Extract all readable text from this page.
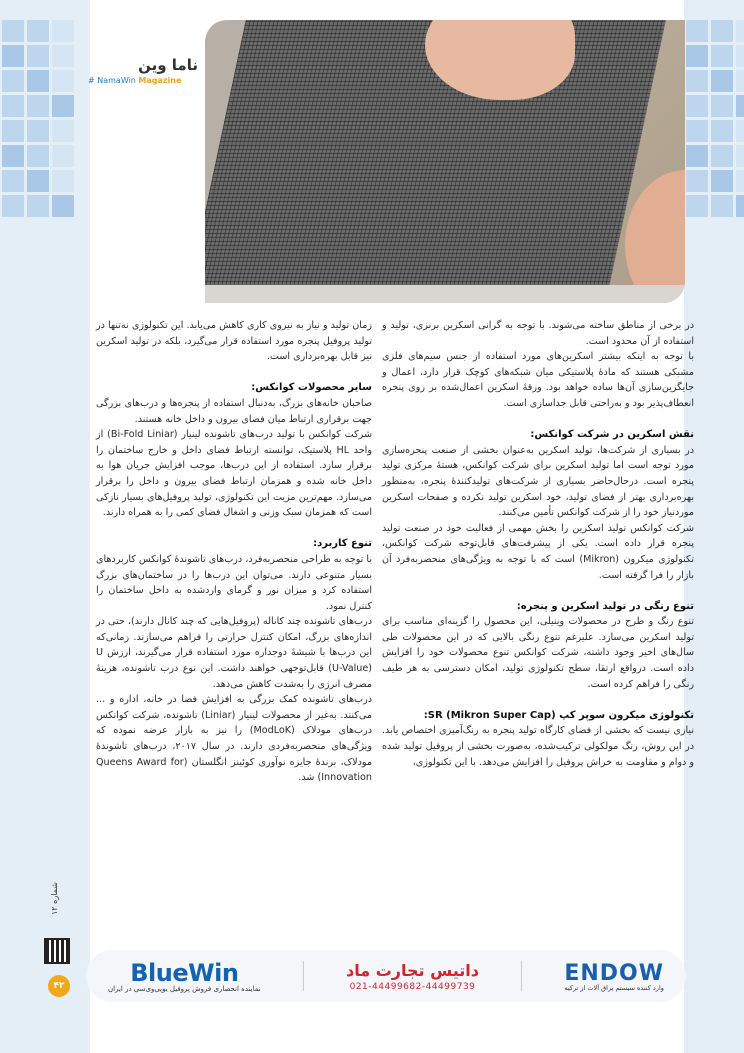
ناما وین
# NamaWin Magazine

در برخی از مناطق ساخته می‌شوند. با توجه به گرانی اسکرین برنزی، تولید و استفاده از آن محدود است.

با توجه به اینکه بیشتر اسکرین‌های مورد استفاده از جنس سیم‌های فلزی مشبکی هستند که مادهٔ پلاستیکی میان شبکه‌های کوچک قرار دارد، اعمال و جایگزین‌سازی آن‌ها ساده خواهد بود. ورقهٔ اسکرین اعمال‌شده بر روی پنجره انعطاف‌پذیر بود و به‌راحتی قابل جداسازی است.

نقش اسکرین در شرکت کوانکس:

در بسیاری از شرکت‌ها، تولید اسکرین به‌عنوان بخشی از صنعت پنجره‌سازی مورد توجه است اما تولید اسکرین برای شرکت کوانکس، هستهٔ مرکزی تولید پنجره است. درحال‌حاضر بسیاری از شرکت‌های تولیدکنندهٔ پنجره، به‌منظور بهره‌برداری بهتر از فضای تولید، خود اسکرین تولید نکرده و صفحات اسکرین موردنیاز خود را از شرکت کوانکس تأمین می‌کنند.

شرکت کوانکس تولید اسکرین را بخش مهمی از فعالیت خود در صنعت تولید پنجره قرار داده است. یکی از پیشرفت‌های قابل‌توجه شرکت کوانکس، تکنولوژی میکرون (Mikron) است که با توجه به ویژگی‌های منحصربه‌فرد آن بازار را فرا گرفته است.

تنوع رنگی در تولید اسکرین و پنجره:

تنوع رنگ و طرح در محصولات وینیلی، این محصول را گزینه‌ای مناسب برای تولید اسکرین می‌سازد. علیرغم تنوع رنگی بالایی که در این محصولات طی سال‌های اخیر وجود داشته، شرکت کوانکس تنوع محصولات خود را افزایش داده است. درواقع ارتقا، سطح تکنولوژی تولید، امکان دسترسی به هر طیف رنگی را فراهم کرده است.

تکنولوژی میکرون سوپر کپ (SR (Mikron Super Cap:

نیازی نیست که بخشی از فضای کارگاه تولید پنجره به رنگ‌آمیزی اختصاص یابد. در این روش، رنگ مولکولی ترکیب‌شده، به‌صورت بخشی از پروفیل تولید شده و دوام و مقاومت به خراش پروفیل را افزایش می‌دهد. با این تکنولوژی،

زمان تولید و نیاز به نیروی کاری کاهش می‌یابد. این تکنولوژی نه‌تنها در تولید پروفیل پنجره مورد استفاده قرار می‌گیرد، بلکه در تولید اسکرین نیز قابل بهره‌برداری است.

سایر محصولات کوانکس:

صاحبان خانه‌های بزرگ، به‌دنبال استفاده از پنجره‌ها و درب‌های بزرگی جهت برقراری ارتباط میان فضای بیرون و داخل خانه هستند.

شرکت کوانکس با تولید درب‌های تاشونده لینیار (Bi-Fold Liniar) از واحد HL پلاستیک، توانسته ارتباط فضای داخل و خارج ساختمان را برقرار سازد. استفاده از این درب‌ها، موجب افزایش جریان هوا به داخل خانه شده و همزمان ارتباط فضای بیرون و داخل را برقرار می‌سازد. مهم‌ترین مزیت این تکنولوژی، تولید پروفیل‌های بسیار نازکی است که همزمان سبک وزنی و اشغال فضای کمی را به همراه دارند.

تنوع کاربرد:

با توجه به طراحی منحصربه‌فرد، درب‌های تاشوندهٔ کوانکس کاربردهای بسیار متنوعی دارند. می‌توان این درب‌ها را در ساختمان‌های بزرگ استفاده کرد و میزان نور و گرمای واردشده به داخل ساختمان را کنترل نمود.

درب‌های تاشونده چند کاناله (پروفیل‌هایی که چند کانال دارند)، حتی در اندازه‌های بزرگ، امکان کنترل حرارتی را فراهم می‌سازند. زمانی‌که این درب‌ها با شیشهٔ دوجداره مورد استفاده قرار می‌گیرند، ارزش U (U-Value) قابل‌توجهی خواهند داشت. این نوع درب تاشونده، هزینهٔ مصرف انرژی را به‌شدت کاهش می‌دهد.

درب‌های تاشونده کمک بزرگی به افزایش فضا در خانه، اداره و ... می‌کنند. به‌غیر از محصولات لینیار (Liniar) تاشونده، شرکت کوانکس درب‌های مودلاک (ModLoK) را نیز به بازار عرضه نموده که ویژگی‌های منحصربه‌فردی دارند. در سال ۲۰۱۷، درب‌های تاشوندهٔ مودلاک، برندهٔ جایزه نوآوری کوئینز انگلستان (Queens Award for Innovation) شد.

شماره ۱۲
۴۲	BlueWin
نماینده انحصاری فروش پروفیل یوپی‌وی‌سی در ایران
داتیس تجارت ماد
021-44499682-44499739
ENDOW
وارد کننده سیستم یراق آلات از ترکیه
